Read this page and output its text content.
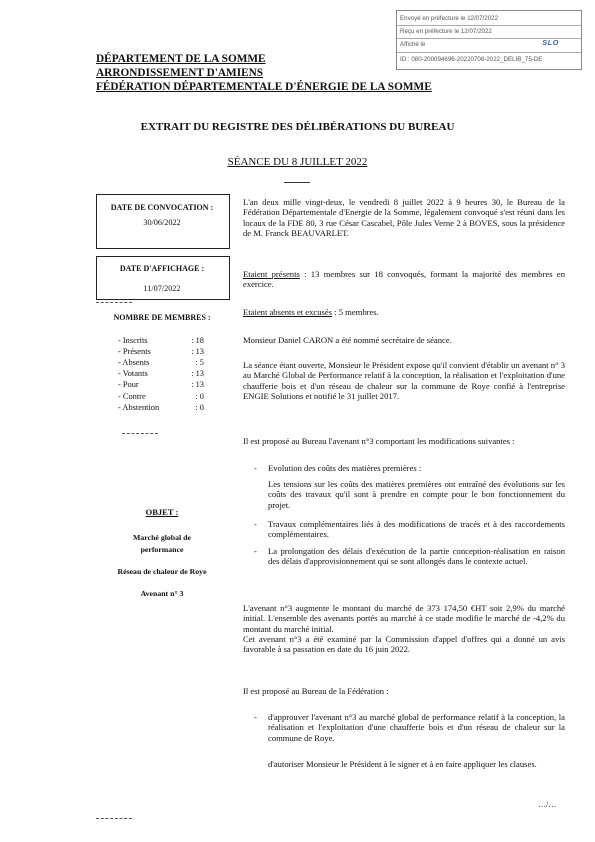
Envoyé en préfecture le 12/07/2022
Reçu en préfecture le 12/07/2022
Affiché le	SLO
ID : 080-200094696-20220708-2022_DELIB_75-DE
DÉPARTEMENT DE LA SOMME
ARRONDISSEMENT D'AMIENS
FÉDÉRATION DÉPARTEMENTALE D'ÉNERGIE DE LA SOMME
EXTRAIT DU REGISTRE DES DÉLIBÉRATIONS DU BUREAU
SÉANCE DU 8 JUILLET 2022
DATE DE CONVOCATION :
30/06/2022
DATE D'AFFICHAGE :
11/07/2022
NOMBRE DE MEMBRES :
- Inscrits	: 18
- Présents	: 13
- Absents	: 5
- Votants	: 13
- Pour	: 13
- Contre	: 0
- Abstention	: 0
OBJET :
Marché global de
performance
Réseau de chaleur de Roye
Avenant n° 3
L'an deux mille vingt-deux, le vendredi 8 juillet 2022 à 9 heures 30, le Bureau de la Fédération Départementale d'Energie de la Somme, légalement convoqué s'est réuni dans les locaux de la FDE 80, 3 rue César Cascabel, Pôle Jules Verne 2 à BOVES, sous la présidence de M. Franck BEAUVARLET.
Etaient présents : 13 membres sur 18 convoqués, formant la majorité des membres en exercice.
Etaient absents et excusés : 5 membres.
Monsieur Daniel CARON a été nommé secrétaire de séance.
La séance étant ouverte, Monsieur le Président expose qu'il convient d'établir un avenant n° 3 au Marché Global de Performance relatif à la conception, la réalisation et l'exploitation d'une chaufferie bois et d'un réseau de chaleur sur la commune de Roye confié à l'entreprise ENGIE Solutions et notifié le 31 juillet 2017.
Il est proposé au Bureau l'avenant n°3 comportant les modifications suivantes :
-	Evolution des coûts des matières premières :
Les tensions sur les coûts des matières premières ont entraîné des évolutions sur les coûts des travaux qu'il sont à prendre en compte pour le bon fonctionnement du projet.
-	Travaux complémentaires liés à des modifications de tracés et à des raccordements complémentaires.
-	La prolongation des délais d'exécution de la partie conception-réalisation en raison des délais d'approvisionnement qui se sont allongés dans le contexte actuel.
L'avenant n°3 augmente le montant du marché de 373 174,50 €HT soit 2,9% du marché initial. L'ensemble des avenants portés au marché à ce stade modifie le marché de -4,2% du montant du marché initial.
Cet avenant n°3 a été examiné par la Commission d'appel d'offres qui a donné un avis favorable à sa passation en date du 16 juin 2022.
Il est proposé au Bureau de la Fédération :
-	d'approuver l'avenant n°3 au marché global de performance relatif à la conception, la réalisation et l'exploitation d'une chaufferie bois et d'un réseau de chaleur sur la commune de Roye.
d'autoriser Monsieur le Président à le signer et à en faire appliquer les clauses.
…/…
